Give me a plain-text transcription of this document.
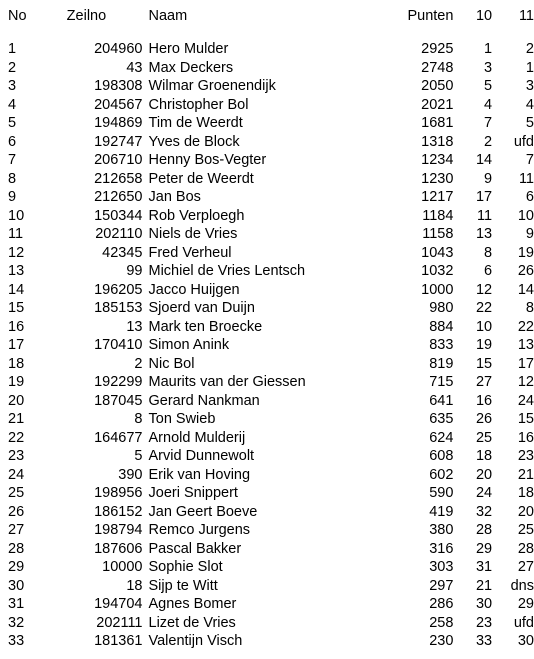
No	Zeilno	Naam	Punten	10	11

1	204960	Hero Mulder	2925	1	2
2	43	Max Deckers	2748	3	1
3	198308	Wilmar Groenendijk	2050	5	3
4	204567	Christopher Bol	2021	4	4
5	194869	Tim de Weerdt	1681	7	5
6	192747	Yves de Block	1318	2	ufd
7	206710	Henny Bos-Vegter	1234	14	7
8	212658	Peter de Weerdt	1230	9	11
9	212650	Jan Bos	1217	17	6
10	150344	Rob Verploegh	1184	11	10
11	202110	Niels de Vries	1158	13	9
12	42345	Fred Verheul	1043	8	19
13	99	Michiel de Vries Lentsch	1032	6	26
14	196205	Jacco Huijgen	1000	12	14
15	185153	Sjoerd van Duijn	980	22	8
16	13	Mark ten Broecke	884	10	22
17	170410	Simon Anink	833	19	13
18	2	Nic Bol	819	15	17
19	192299	Maurits van der Giessen	715	27	12
20	187045	Gerard Nankman	641	16	24
21	8	Ton Swieb	635	26	15
22	164677	Arnold Mulderij	624	25	16
23	5	Arvid Dunnewolt	608	18	23
24	390	Erik van Hoving	602	20	21
25	198956	Joeri Snippert	590	24	18
26	186152	Jan Geert Boeve	419	32	20
27	198794	Remco Jurgens	380	28	25
28	187606	Pascal Bakker	316	29	28
29	10000	Sophie Slot	303	31	27
30	18	Sijp te Witt	297	21	dns
31	194704	Agnes Bomer	286	30	29
32	202111	Lizet de Vries	258	23	ufd
33	181361	Valentijn Visch	230	33	30
